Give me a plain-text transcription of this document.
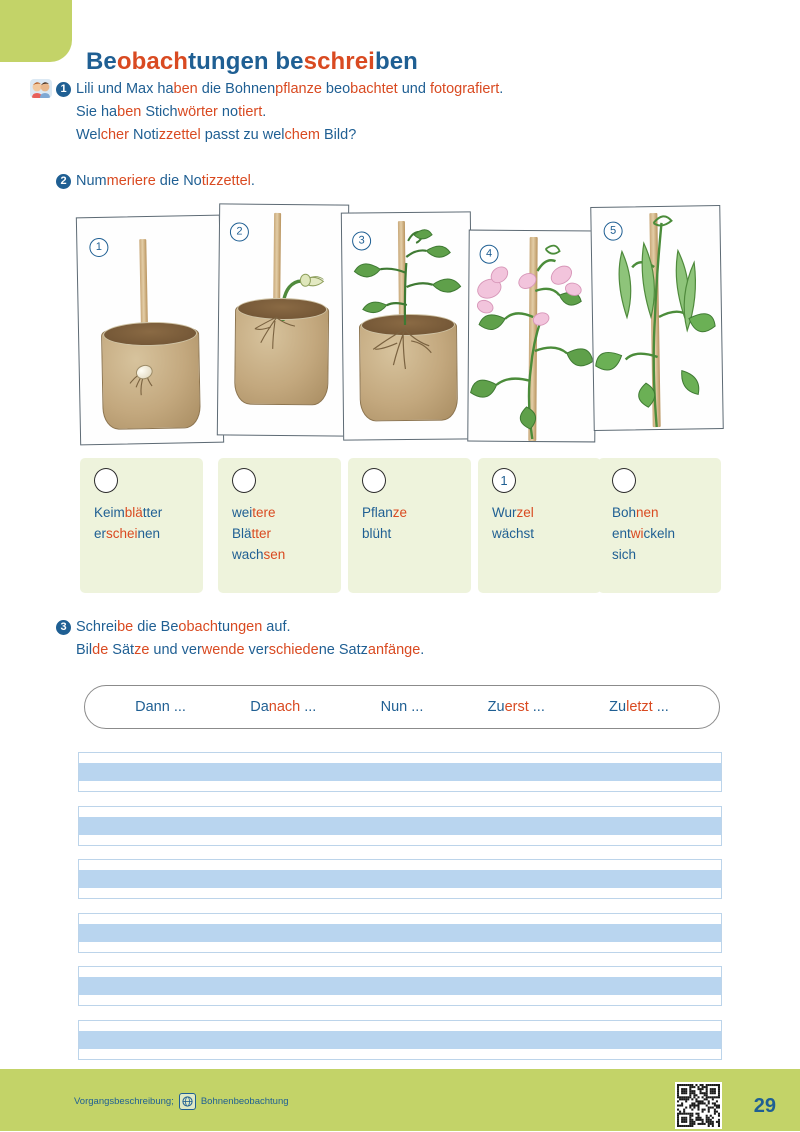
Beobachtungen beschreiben
1 Lili und Max haben die Bohnenpflanze beobachtet und fotografiert.
Sie haben Stichwörter notiert.
Welcher Notizzettel passt zu welchem Bild?
2 Nummeriere die Notizzettel.
1
2
3
4
5
Keimblätter
erscheinen
weitere
Blätter
wachsen
Pflanze
blüht
1
Wurzel
wächst
Bohnen
entwickeln
sich
3 Schreibe die Beobachtungen auf.
Bilde Sätze und verwende verschiedene Satzanfänge.
Dann ...	Danach ...	Nun ...	Zuerst ...	Zuletzt ...
Vorgangsbeschreibung;	Bohnenbeobachtung	29
